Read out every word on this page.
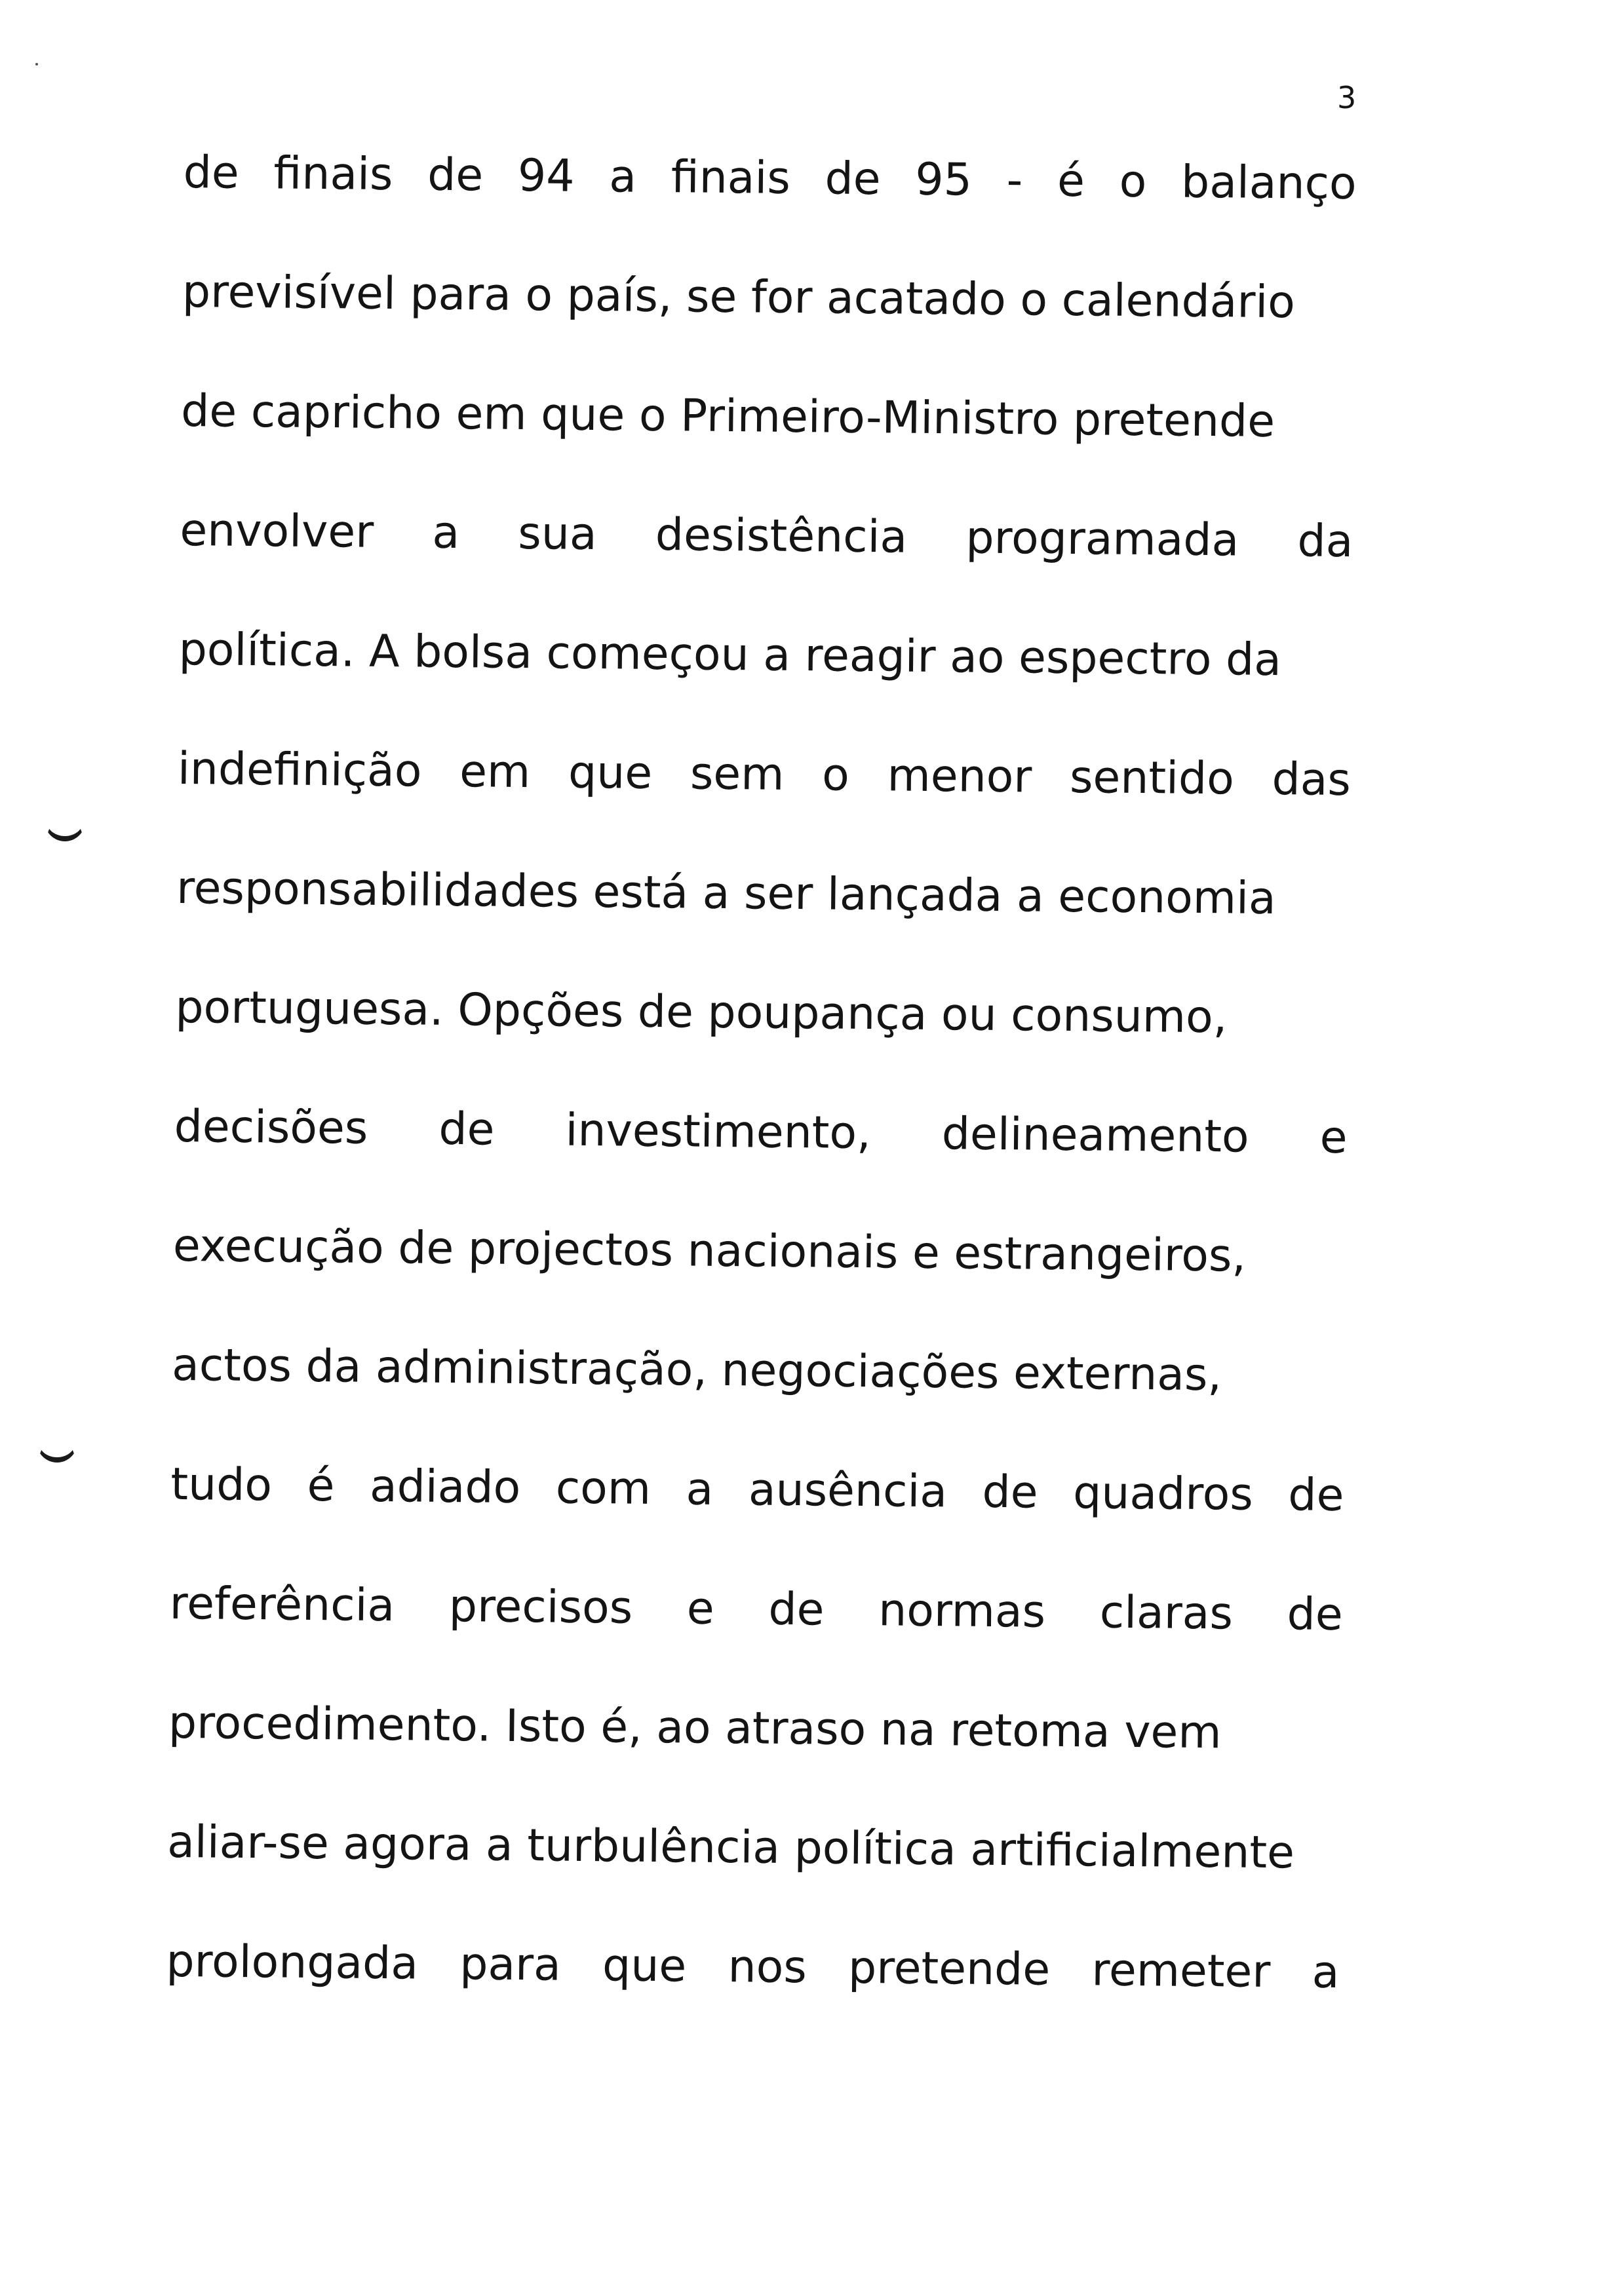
3
de finais de 94 a finais de 95 - é o balanço
previsível para o país, se for acatado o calendário
de capricho em que o Primeiro-Ministro pretende
envolver a sua desistência programada da
política. A bolsa começou a reagir ao espectro da
indefinição em que sem o menor sentido das
responsabilidades está a ser lançada a economia
portuguesa. Opções de poupança ou consumo,
decisões de investimento, delineamento e
execução de projectos nacionais e estrangeiros,
actos da administração, negociações externas,
tudo é adiado com a ausência de quadros de
referência precisos e de normas claras de
procedimento. Isto é, ao atraso na retoma vem
aliar-se agora a turbulência política artificialmente
prolongada para que nos pretende remeter a
